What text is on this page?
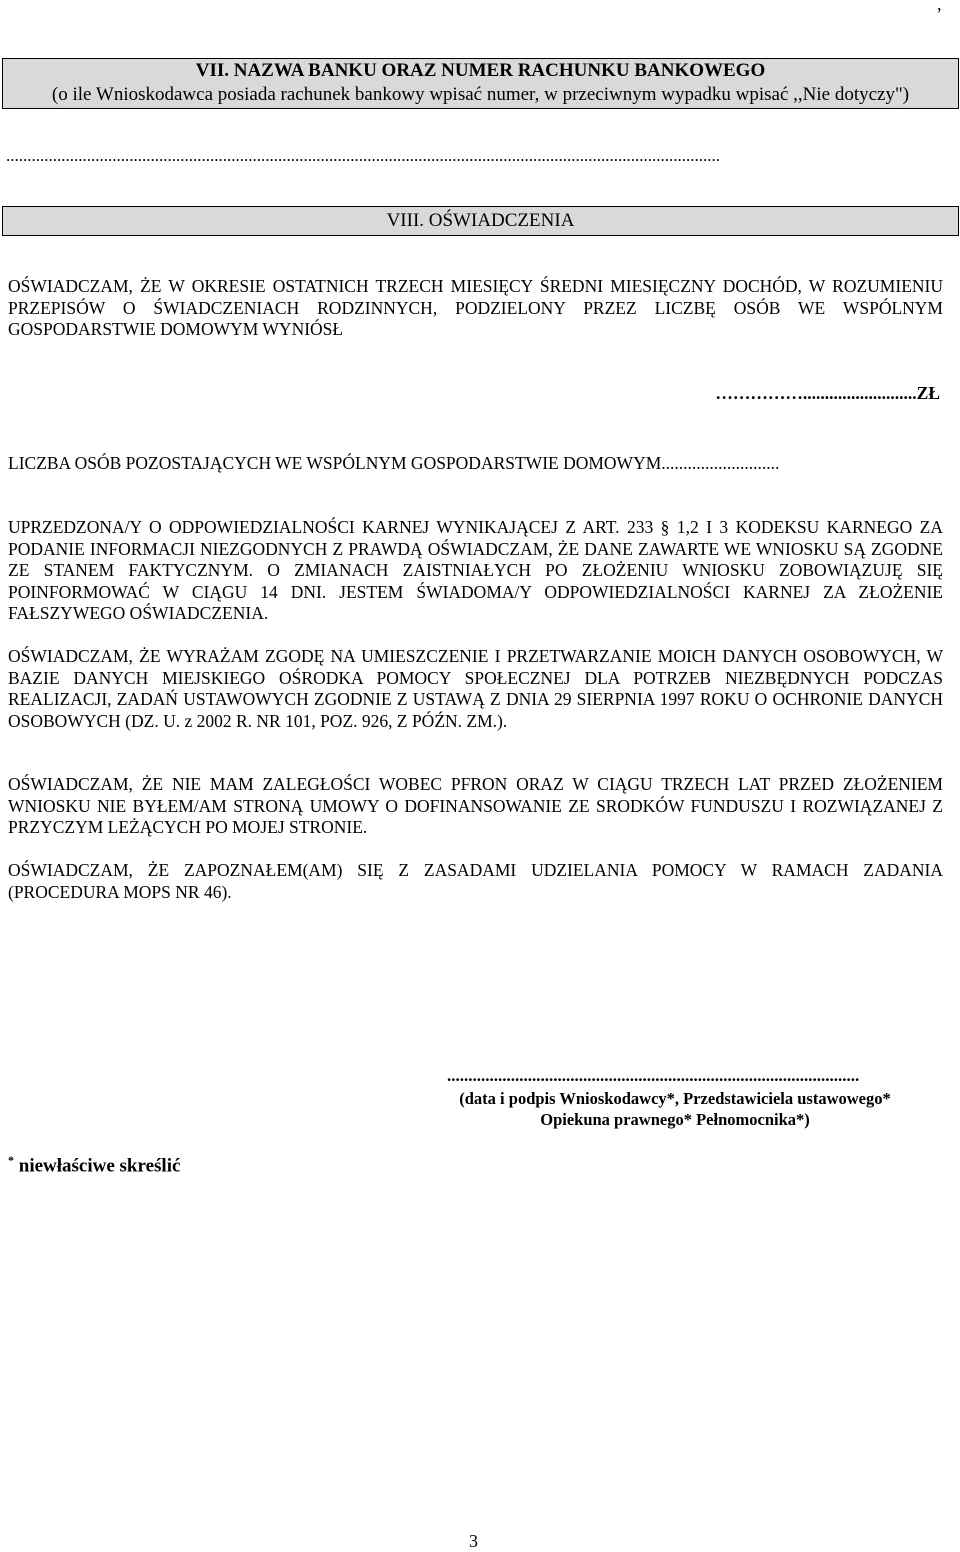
,
VII. NAZWA BANKU ORAZ NUMER RACHUNKU BANKOWEGO
(o ile Wnioskodawca posiada rachunek bankowy wpisać numer, w przeciwnym wypadku wpisać ,,Nie dotyczy")
........................................................................................................................................................................
VIII. OŚWIADCZENIA
OŚWIADCZAM, ŻE W OKRESIE OSTATNICH TRZECH MIESIĘCY ŚREDNI MIESIĘCZNY DOCHÓD, W ROZUMIENIU PRZEPISÓW O ŚWIADCZENIACH RODZINNYCH, PODZIELONY PRZEZ LICZBĘ OSÓB WE WSPÓLNYM GOSPODARSTWIE DOMOWYM WYNIÓSŁ
……………..........................ZŁ
LICZBA OSÓB POZOSTAJĄCYCH WE WSPÓLNYM GOSPODARSTWIE DOMOWYM...........................
UPRZEDZONA/Y O ODPOWIEDZIALNOŚCI KARNEJ WYNIKAJĄCEJ Z ART. 233 § 1,2 I 3 KODEKSU KARNEGO ZA PODANIE INFORMACJI NIEZGODNYCH Z PRAWDĄ OŚWIADCZAM, ŻE DANE ZAWARTE WE WNIOSKU SĄ ZGODNE ZE STANEM FAKTYCZNYM. O ZMIANACH ZAISTNIAŁYCH PO ZŁOŻENIU WNIOSKU ZOBOWIĄZUJĘ SIĘ POINFORMOWAĆ W CIĄGU 14 DNI. JESTEM ŚWIADOMA/Y ODPOWIEDZIALNOŚCI KARNEJ ZA ZŁOŻENIE FAŁSZYWEGO OŚWIADCZENIA.
OŚWIADCZAM, ŻE WYRAŻAM ZGODĘ NA UMIESZCZENIE I PRZETWARZANIE MOICH DANYCH OSOBOWYCH, W BAZIE DANYCH MIEJSKIEGO OŚRODKA POMOCY SPOŁECZNEJ DLA POTRZEB NIEZBĘDNYCH PODCZAS REALIZACJI, ZADAŃ USTAWOWYCH ZGODNIE Z USTAWĄ Z DNIA 29 SIERPNIA 1997 ROKU O OCHRONIE DANYCH OSOBOWYCH (DZ. U. z 2002 R. NR 101, POZ. 926, Z PÓŹN. ZM.).
OŚWIADCZAM, ŻE NIE MAM ZALEGŁOŚCI WOBEC PFRON ORAZ W CIĄGU TRZECH LAT PRZED ZŁOŻENIEM WNIOSKU NIE BYŁEM/AM STRONĄ UMOWY O DOFINANSOWANIE ZE SRODKÓW FUNDUSZU I ROZWIĄZANEJ Z PRZYCZYM LEŻĄCYCH PO MOJEJ STRONIE.
OŚWIADCZAM, ŻE ZAPOZNAŁEM(AM) SIĘ Z ZASADAMI UDZIELANIA POMOCY W RAMACH ZADANIA (PROCEDURA MOPS NR 46).
.................................................................................................
(data i podpis Wnioskodawcy*, Przedstawiciela ustawowego*
Opiekuna prawnego* Pełnomocnika*)
* niewłaściwe skreślić
3
